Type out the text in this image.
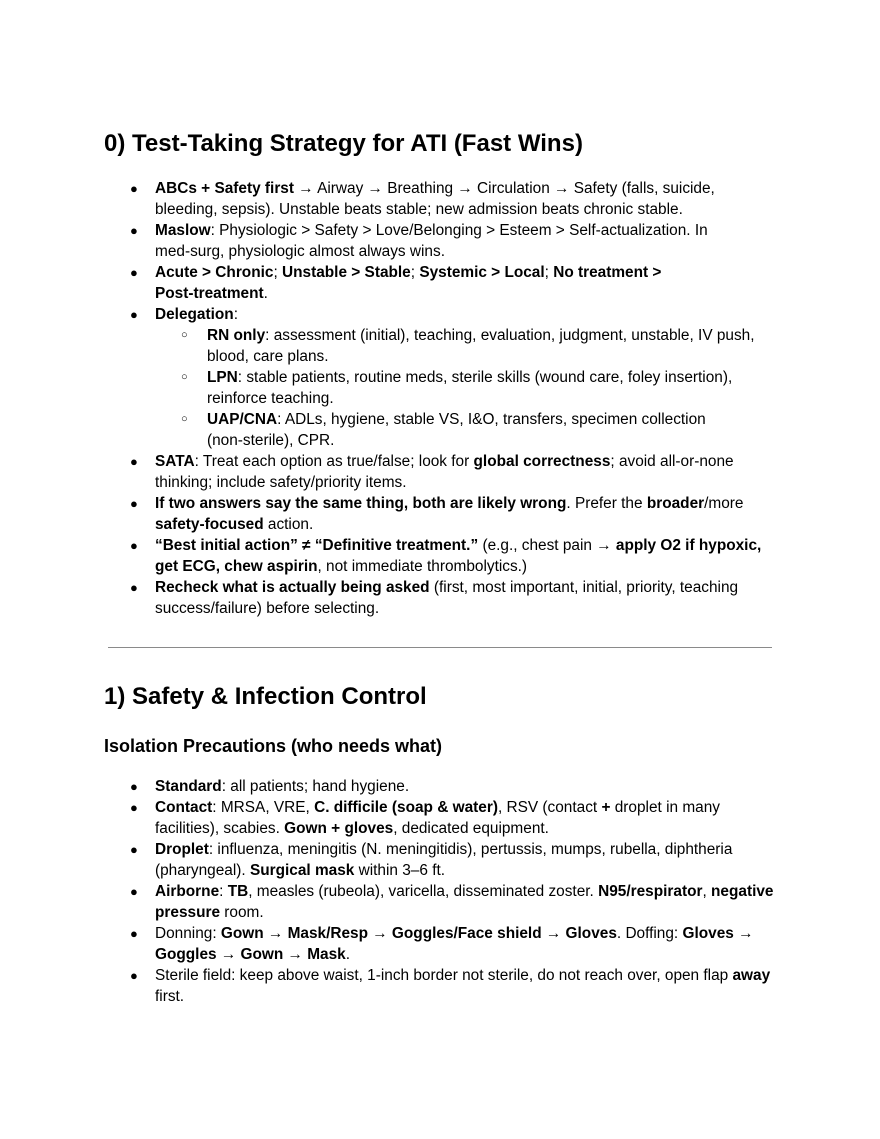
0) Test‑Taking Strategy for ATI (Fast Wins)
● ABCs + Safety first → Airway → Breathing → Circulation → Safety (falls, suicide, bleeding, sepsis). Unstable beats stable; new admission beats chronic stable.
● Maslow: Physiologic > Safety > Love/Belonging > Esteem > Self‑actualization. In med‑surg, physiologic almost always wins.
● Acute > Chronic; Unstable > Stable; Systemic > Local; No treatment > Post‑treatment.
● Delegation:
○ RN only: assessment (initial), teaching, evaluation, judgment, unstable, IV push, blood, care plans.
○ LPN: stable patients, routine meds, sterile skills (wound care, foley insertion), reinforce teaching.
○ UAP/CNA: ADLs, hygiene, stable VS, I&O, transfers, specimen collection (non‑sterile), CPR.
● SATA: Treat each option as true/false; look for global correctness; avoid all‑or‑none thinking; include safety/priority items.
● If two answers say the same thing, both are likely wrong. Prefer the broader/more safety‑focused action.
● “Best initial action” ≠ “Definitive treatment.” (e.g., chest pain → apply O2 if hypoxic, get ECG, chew aspirin, not immediate thrombolytics.)
● Recheck what is actually being asked (first, most important, initial, priority, teaching success/failure) before selecting.
1) Safety & Infection Control
Isolation Precautions (who needs what)
● Standard: all patients; hand hygiene.
● Contact: MRSA, VRE, C. difficile (soap & water), RSV (contact + droplet in many facilities), scabies. Gown + gloves, dedicated equipment.
● Droplet: influenza, meningitis (N. meningitidis), pertussis, mumps, rubella, diphtheria (pharyngeal). Surgical mask within 3–6 ft.
● Airborne: TB, measles (rubeola), varicella, disseminated zoster. N95/respirator, negative pressure room.
● Donning: Gown → Mask/Resp → Goggles/Face shield → Gloves. Doffing: Gloves → Goggles → Gown → Mask.
● Sterile field: keep above waist, 1‑inch border not sterile, do not reach over, open flap away first.
